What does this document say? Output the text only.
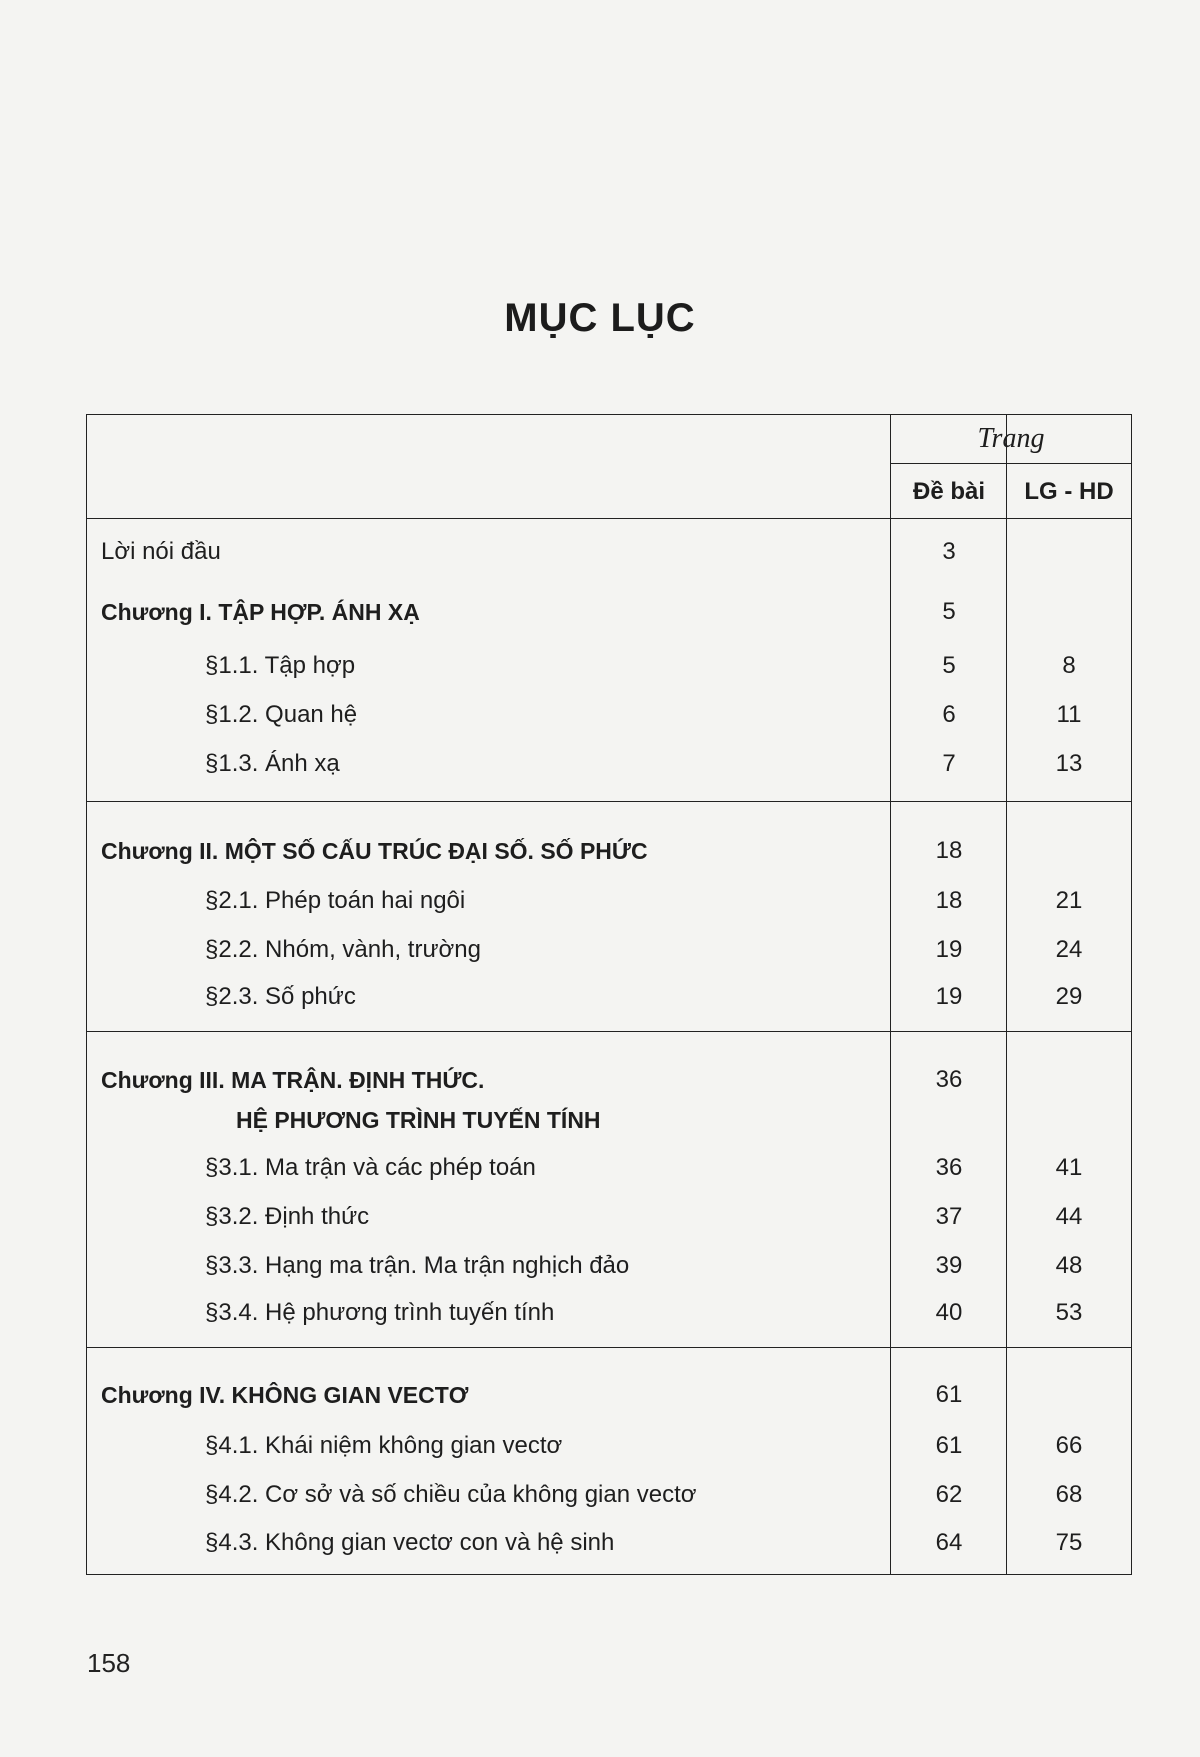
MỤC LỤC
Trang
Đề bài	LG - HD
Lời nói đầu	3
Chương I. TẬP HỢP. ÁNH XẠ	5
§1.1. Tập hợp	5	8
§1.2. Quan hệ	6	11
§1.3. Ánh xạ	7	13
Chương II. MỘT SỐ CẤU TRÚC ĐẠI SỐ. SỐ PHỨC	18
§2.1. Phép toán hai ngôi	18	21
§2.2. Nhóm, vành, trường	19	24
§2.3. Số phức	19	29
Chương III. MA TRẬN. ĐỊNH THỨC.	36
HỆ PHƯƠNG TRÌNH TUYẾN TÍNH
§3.1. Ma trận và các phép toán	36	41
§3.2. Định thức	37	44
§3.3. Hạng ma trận. Ma trận nghịch đảo	39	48
§3.4. Hệ phương trình tuyến tính	40	53
Chương IV. KHÔNG GIAN VECTƠ	61
§4.1. Khái niệm không gian vectơ	61	66
§4.2. Cơ sở và số chiều của không gian vectơ	62	68
§4.3. Không gian vectơ con và hệ sinh	64	75
158
